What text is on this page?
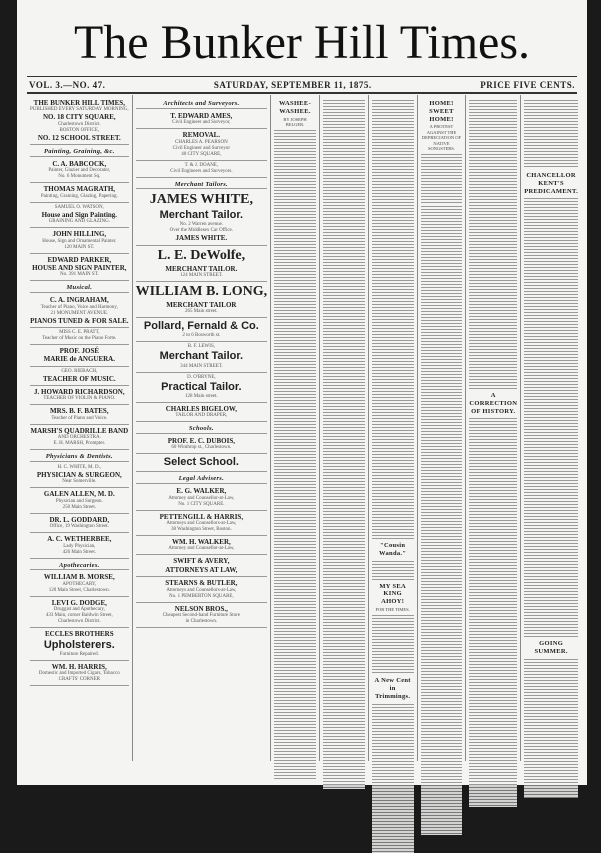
The Bunker Hill Times.
VOL. 3.—NO. 47.	SATURDAY, SEPTEMBER 11, 1875.	PRICE FIVE CENTS.
THE BUNKER HILL TIMES,
PUBLISHED EVERY SATURDAY MORNING,
NO. 18 CITY SQUARE,
Charlestown District.
BOSTON OFFICE,
NO. 12 SCHOOL STREET.
Painting, Graining, &c.
C. A. BABCOCK,
Painter, Glazier and Decorator,
No. 6 Monument Sq.
THOMAS MAGRATH,
Painting, Graining, Glazing, Papering.
SAMUEL O. WATSON,
House and Sign Painting.
GRAINING AND GLAZING.
JOHN HILLING,
House, Sign and Ornamental Painter.
120 MAIN ST.
EDWARD PARKER,
HOUSE AND SIGN PAINTER,
No. 391 MAIN ST.
Musical.
C. A. INGRAHAM,
Teacher of Piano, Voice and Harmony,
21 MONUMENT AVENUE.
PIANOS TUNED & FOR SALE.
MISS C. E. PRATT,
Teacher of Music on the Piano Forte.
PROF. JOSÉ
MARIE de ANGUERA.
GEO. RIEBACH,
TEACHER OF MUSIC.
J. HOWARD RICHARDSON,
TEACHER OF VIOLIN & PIANO.
MRS. B. F. BATES,
Teacher of Piano and Voice.
MARSH'S QUADRILLE BAND
AND ORCHESTRA.
E. H. MARSH, Prompter.
Physicians & Dentists.
H. C. WHITE, M. D.,
PHYSICIAN & SURGEON,
Near Somerville.
GALEN ALLEN, M. D.
Physician and Surgeon.
250 Main Street.
DR. L. GODDARD,
Office, 19 Washington Street.
A. C. WETHERBEE,
Lady Physician,
426 Main Street.
Apothecaries.
WILLIAM B. MORSE,
APOTHECARY,
120 Main Street, Charlestown.
LEVI G. DODGE,
Druggist and Apothecary,
433 Main, corner Baldwin Street,
Charlestown District.
ECCLES BROTHERS
Upholsterers.
Furniture Repaired.
WM. H. HARRIS,
Domestic and Imported Cigars, Tobacco
CRAFTS' CORNER
Architects and Surveyors.
T. EDWARD AMES,
Civil Engineer and Surveyor,
REMOVAL.
CHARLES A. PEARSON
Civil Engineer and Surveyor
40 CITY SQUARE,
T. & J. DOANE,
Civil Engineers and Surveyors.
Merchant Tailors.
JAMES WHITE,
Merchant Tailor.
No. 2 Warren avenue.
Over the Middlesex Car Office.
JAMES WHITE.
L. E. DeWolfe,
MERCHANT TAILOR.
124 MAIN STREET.
WILLIAM B. LONG,
MERCHANT TAILOR
265 Main street.
Pollard, Fernald & Co.
2 to 6 Bosworth st.
B. F. LEWIS,
Merchant Tailor.
344 MAIN STREET.
D. O'BRYNE,
Practical Tailor.
128 Main street.
CHARLES BIGELOW,
TAILOR AND DRAPER,
Schools.
PROF. E. C. DUBOIS,
60 Winthrop st., Charlestown.
Select School.
Legal Advisers.
E. G. WALKER,
Attorney and Counsellor-at-Law,
No. 1 CITY SQUARE.
PETTENGILL & HARRIS,
Attorneys and Counsellors-at-Law,
38 Washington Street, Boston.
WM. H. WALKER,
Attorney and Counsellor-at-Law,
SWIFT & AVERY,
ATTORNEYS AT LAW,
STEARNS & BUTLER,
Attorneys and Counsellors-at-Law,
No. 1 PEMBERTON SQUARE,
NELSON BROS.,
Cheapest Second-hand Furniture Store
in Charlestown.
WASHEE-WASHEE.
BY JOSEPH BELGER.
"Cousin Wanda."
MY SEA KING AHOY!
FOR THE TIMES.
A New Cent in Trimmings.
HOME! SWEET HOME!
A PROTEST AGAINST THE DEPRECIATION OF NATIVE SONGSTERS.
A CORRECTION OF HISTORY.
CHANCELLOR KENT'S PREDICAMENT.
GOING SUMMER.
